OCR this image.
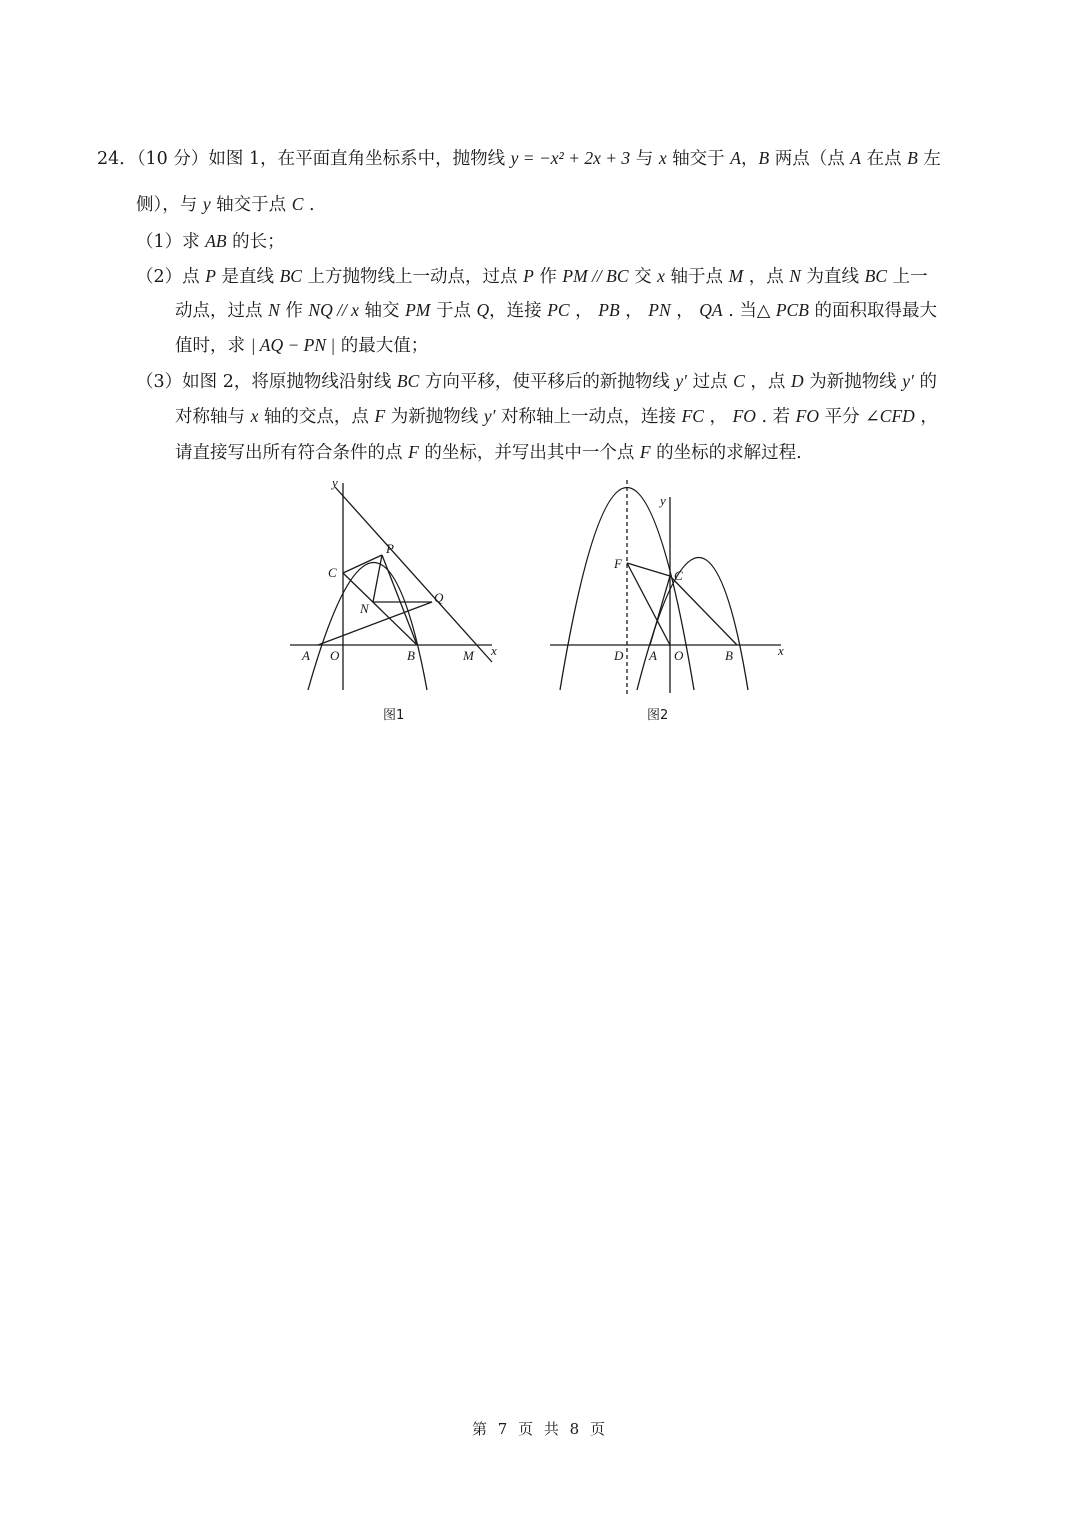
24．（10 分）如图 1，在平面直角坐标系中，抛物线 y = −x² + 2x + 3 与 x 轴交于 A，B 两点（点 A 在点 B 左
侧），与 y 轴交于点 C .
（1）求 AB 的长；
（2）点 P 是直线 BC 上方抛物线上一动点，过点 P 作 PM // BC 交 x 轴于点 M ，点 N 为直线 BC 上一
动点，过点 N 作 NQ // x 轴交 PM 于点 Q，连接 PC ， PB ， PN ， QA . 当△ PCB 的面积取得最大
值时，求 | AQ − PN | 的最大值；
（3）如图 2，将原抛物线沿射线 BC 方向平移，使平移后的新抛物线 y′ 过点 C ，点 D 为新抛物线 y′ 的
对称轴与 x 轴的交点，点 F 为新抛物线 y′ 对称轴上一动点，连接 FC ， FO . 若 FO 平分 ∠CFD ，
请直接写出所有符合条件的点 F 的坐标，并写出其中一个点 F 的坐标的求解过程.
y
x
P
C
Q
N
A O	B	M
图1
y
x
F
C
D A O	B
图2
第 7 页 共 8 页
